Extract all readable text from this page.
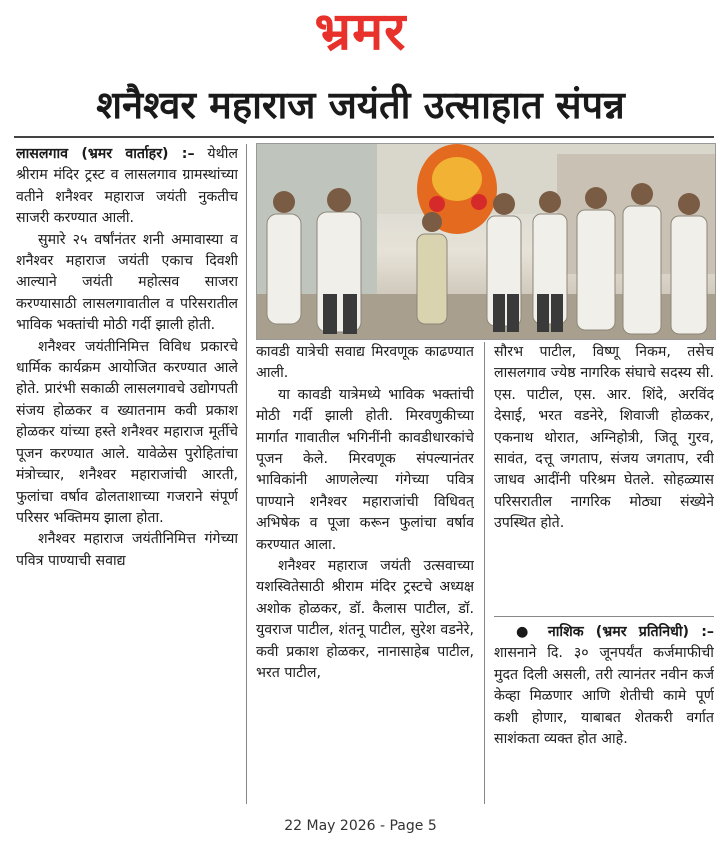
भ्रमर
शनैश्वर महाराज जयंती उत्साहात संपन्न

लासलगाव (भ्रमर वार्ताहर) :– येथील श्रीराम मंदिर ट्रस्ट व लासलगाव ग्रामस्थांच्या वतीने शनैश्वर महाराज जयंती नुकतीच साजरी करण्यात आली.

सुमारे २५ वर्षांनंतर शनी अमावास्या व शनैश्वर महाराज जयंती एकाच दिवशी आल्याने जयंती महोत्सव साजरा करण्यासाठी लासलगावातील व परिसरातील भाविक भक्तांची मोठी गर्दी झाली होती.

शनैश्वर जयंतीनिमित्त विविध प्रकारचे धार्मिक कार्यक्रम आयोजित करण्यात आले होते. प्रारंभी सकाळी लासलगावचे उद्योगपती संजय होळकर व ख्यातनाम कवी प्रकाश होळकर यांच्या हस्ते शनैश्वर महाराज मूर्तीचे पूजन करण्यात आले. यावेळेस पुरोहितांचा मंत्रोच्चार, शनैश्वर महाराजांची आरती, फुलांचा वर्षाव ढोलताशाच्या गजराने संपूर्ण परिसर भक्तिमय झाला होता.

शनैश्वर महाराज जयंतीनिमित्त गंगेच्या पवित्र पाण्याची सवाद्य

कावडी यात्रेची सवाद्य मिरवणूक काढण्यात आली.

या कावडी यात्रेमध्ये भाविक भक्तांची मोठी गर्दी झाली होती. मिरवणुकीच्या मार्गात गावातील भगिनींनी कावडीधारकांचे पूजन केले. मिरवणूक संपल्यानंतर भाविकांनी आणलेल्या गंगेच्या पवित्र पाण्याने शनैश्वर महाराजांची विधिवत् अभिषेक व पूजा करून फुलांचा वर्षाव करण्यात आला.

शनैश्वर महाराज जयंती उत्सवाच्या यशस्वितेसाठी श्रीराम मंदिर ट्रस्टचे अध्यक्ष अशोक होळकर, डॉ. कैलास पाटील, डॉ. युवराज पाटील, शंतनू पाटील, सुरेश वडनेरे, कवी प्रकाश होळकर, नानासाहेब पाटील, भरत पाटील,

सौरभ पाटील, विष्णू निकम, तसेच लासलगाव ज्येष्ठ नागरिक संघाचे सदस्य सी. एस. पाटील, एस. आर. शिंदे, अरविंद देसाई, भरत वडनेरे, शिवाजी होळकर, एकनाथ थोरात, अग्निहोत्री, जितू गुरव, सावंत, दत्तू जगताप, संजय जगताप, रवी जाधव आदींनी परिश्रम घेतले. सोहळ्यास परिसरातील नागरिक मोठ्या संख्येने उपस्थित होते.

● नाशिक (भ्रमर प्रतिनिधी) :– शासनाने दि. ३० जूनपर्यंत कर्जमाफीची मुदत दिली असली, तरी त्यानंतर नवीन कर्ज केव्हा मिळणार आणि शेतीची कामे पूर्ण कशी होणार, याबाबत शेतकरी वर्गात साशंकता व्यक्त होत आहे.

22 May 2026 - Page 5
